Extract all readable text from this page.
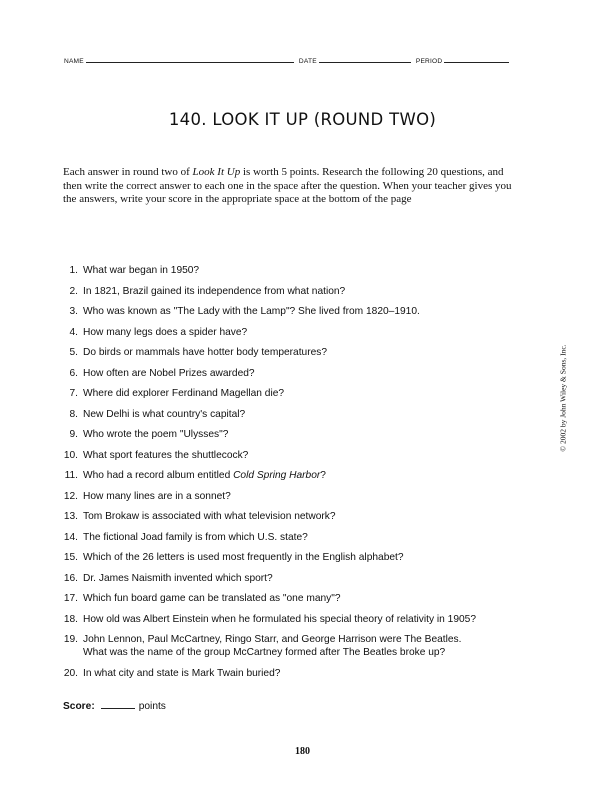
NAME	DATE	PERIOD
140. LOOK IT UP (ROUND TWO)
Each answer in round two of Look It Up is worth 5 points. Research the following 20 questions, and then write the correct answer to each one in the space after the question. When your teacher gives you the answers, write your score in the appropriate space at the bottom of the page
1. What war began in 1950?
2. In 1821, Brazil gained its independence from what nation?
3. Who was known as "The Lady with the Lamp"? She lived from 1820–1910.
4. How many legs does a spider have?
5. Do birds or mammals have hotter body temperatures?
6. How often are Nobel Prizes awarded?
7. Where did explorer Ferdinand Magellan die?
8. New Delhi is what country's capital?
9. Who wrote the poem "Ulysses"?
10. What sport features the shuttlecock?
11. Who had a record album entitled Cold Spring Harbor?
12. How many lines are in a sonnet?
13. Tom Brokaw is associated with what television network?
14. The fictional Joad family is from which U.S. state?
15. Which of the 26 letters is used most frequently in the English alphabet?
16. Dr. James Naismith invented which sport?
17. Which fun board game can be translated as "one many"?
18. How old was Albert Einstein when he formulated his special theory of relativity in 1905?
19. John Lennon, Paul McCartney, Ringo Starr, and George Harrison were The Beatles.
What was the name of the group McCartney formed after The Beatles broke up?
20. In what city and state is Mark Twain buried?
Score:	points
180
© 2002 by John Wiley & Sons, Inc.
